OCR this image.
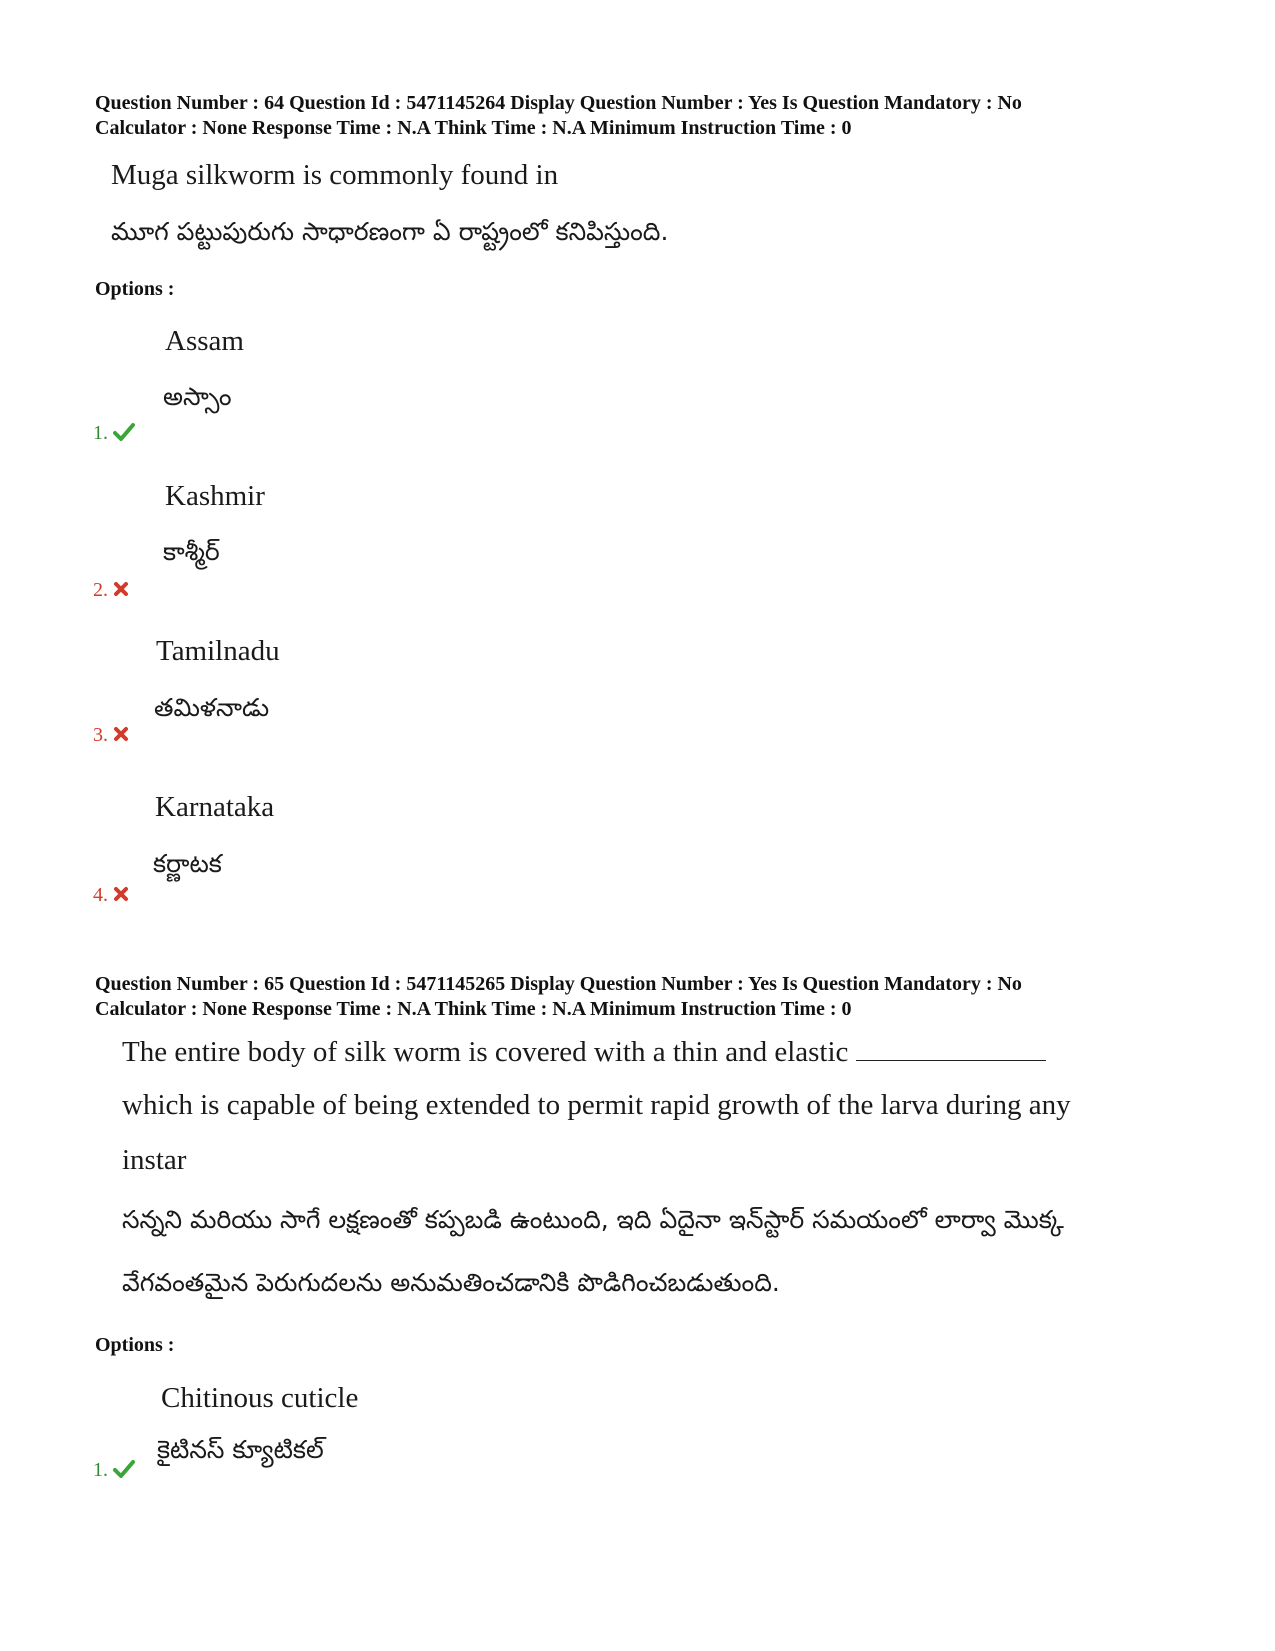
Question Number : 64 Question Id : 5471145264 Display Question Number : Yes Is Question Mandatory : No
Calculator : None Response Time : N.A Think Time : N.A Minimum Instruction Time : 0
Muga silkworm is commonly found in
మూగ పట్టుపురుగు సాధారణంగా ఏ రాష్ట్రంలో కనిపిస్తుంది.
Options :
Assam
అస్సాం
1.
Kashmir
కాశ్మీర్
2.
Tamilnadu
తమిళనాడు
3.
Karnataka
కర్ణాటక
4.
Question Number : 65 Question Id : 5471145265 Display Question Number : Yes Is Question Mandatory : No
Calculator : None Response Time : N.A Think Time : N.A Minimum Instruction Time : 0
The entire body of silk worm is covered with a thin and elastic
which is capable of being extended to permit rapid growth of the larva during any
instar
సన్నని మరియు సాగే లక్షణంతో కప్పబడి ఉంటుంది, ఇది ఏదైనా ఇన్‌స్టార్ సమయంలో లార్వా మొక్క
వేగవంతమైన పెరుగుదలను అనుమతించడానికి పొడిగించబడుతుంది.
Options :
Chitinous cuticle
కైటినస్ క్యూటికల్
1.
